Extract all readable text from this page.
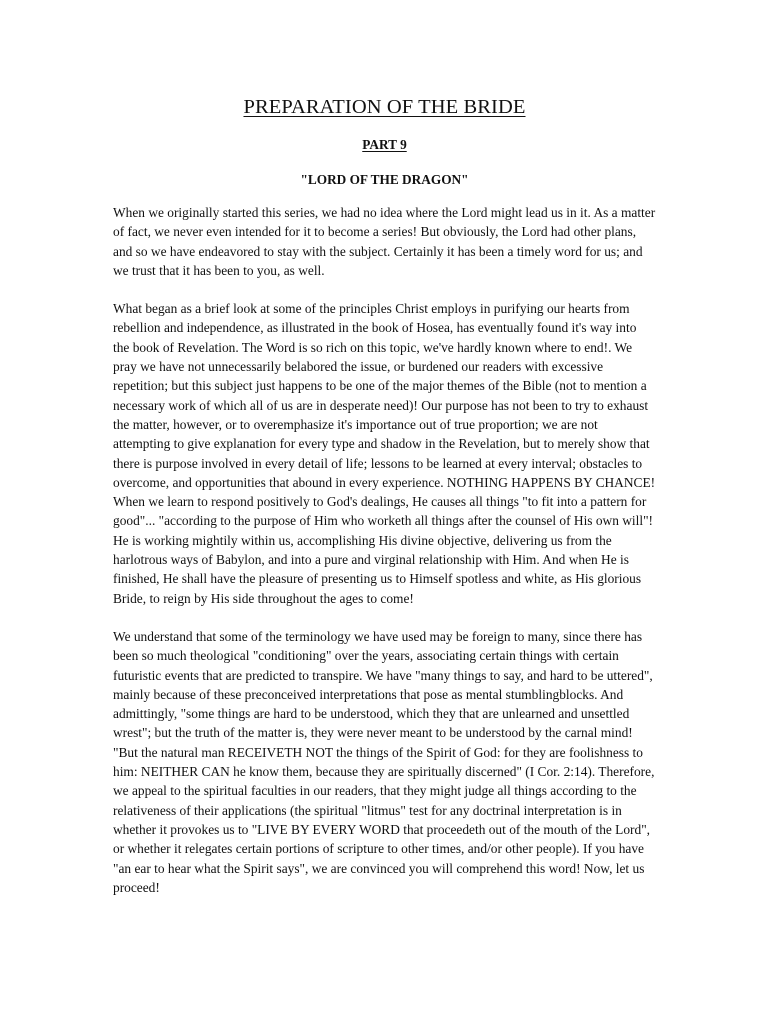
PREPARATION OF THE BRIDE
PART 9
"LORD OF THE DRAGON"

When we originally started this series, we had no idea where the Lord might lead us in it. As a matter of fact, we never even intended for it to become a series! But obviously, the Lord had other plans, and so we have endeavored to stay with the subject. Certainly it has been a timely word for us; and we trust that it has been to you, as well.

What began as a brief look at some of the principles Christ employs in purifying our hearts from rebellion and independence, as illustrated in the book of Hosea, has eventually found it's way into the book of Revelation. The Word is so rich on this topic, we've hardly known where to end!. We pray we have not unnecessarily belabored the issue, or burdened our readers with excessive repetition; but this subject just happens to be one of the major themes of the Bible (not to mention a necessary work of which all of us are in desperate need)! Our purpose has not been to try to exhaust the matter, however, or to overemphasize it's importance out of true proportion; we are not attempting to give explanation for every type and shadow in the Revelation, but to merely show that there is purpose involved in every detail of life; lessons to be learned at every interval; obstacles to overcome, and opportunities that abound in every experience. NOTHING HAPPENS BY CHANCE! When we learn to respond positively to God's dealings, He causes all things "to fit into a pattern for good"... "according to the purpose of Him who worketh all things after the counsel of His own will"! He is working mightily within us, accomplishing His divine objective, delivering us from the harlotrous ways of Babylon, and into a pure and virginal relationship with Him. And when He is finished, He shall have the pleasure of presenting us to Himself spotless and white, as His glorious Bride, to reign by His side throughout the ages to come!

We understand that some of the terminology we have used may be foreign to many, since there has been so much theological "conditioning" over the years, associating certain things with certain futuristic events that are predicted to transpire. We have "many things to say, and hard to be uttered", mainly because of these preconceived interpretations that pose as mental stumblingblocks. And admittingly, "some things are hard to be understood, which they that are unlearned and unsettled wrest"; but the truth of the matter is, they were never meant to be understood by the carnal mind! "But the natural man RECEIVETH NOT the things of the Spirit of God: for they are foolishness to him: NEITHER CAN he know them, because they are spiritually discerned" (I Cor. 2:14). Therefore, we appeal to the spiritual faculties in our readers, that they might judge all things according to the relativeness of their applications (the spiritual "litmus" test for any doctrinal interpretation is in whether it provokes us to "LIVE BY EVERY WORD that proceedeth out of the mouth of the Lord", or whether it relegates certain portions of scripture to other times, and/or other people). If you have "an ear to hear what the Spirit says", we are convinced you will comprehend this word! Now, let us proceed!
